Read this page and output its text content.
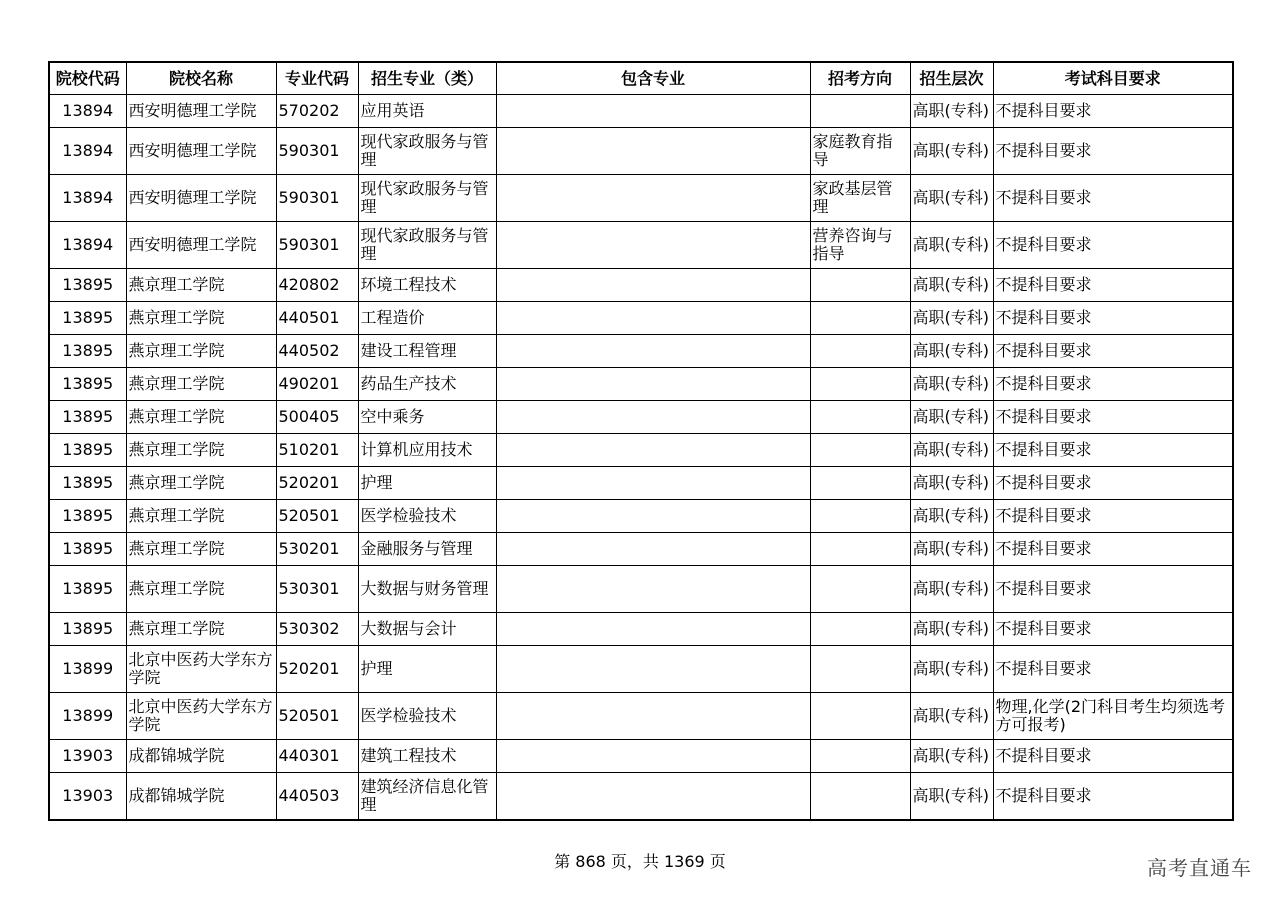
院校代码	院校名称	专业代码	招生专业（类）	包含专业	招考方向	招生层次	考试科目要求
13894	西安明德理工学院	570202	应用英语			高职(专科)	不提科目要求
13894	西安明德理工学院	590301	现代家政服务与管理		家庭教育指导	高职(专科)	不提科目要求
13894	西安明德理工学院	590301	现代家政服务与管理		家政基层管理	高职(专科)	不提科目要求
13894	西安明德理工学院	590301	现代家政服务与管理		营养咨询与指导	高职(专科)	不提科目要求
13895	燕京理工学院	420802	环境工程技术			高职(专科)	不提科目要求
13895	燕京理工学院	440501	工程造价			高职(专科)	不提科目要求
13895	燕京理工学院	440502	建设工程管理			高职(专科)	不提科目要求
13895	燕京理工学院	490201	药品生产技术			高职(专科)	不提科目要求
13895	燕京理工学院	500405	空中乘务			高职(专科)	不提科目要求
13895	燕京理工学院	510201	计算机应用技术			高职(专科)	不提科目要求
13895	燕京理工学院	520201	护理			高职(专科)	不提科目要求
13895	燕京理工学院	520501	医学检验技术			高职(专科)	不提科目要求
13895	燕京理工学院	530201	金融服务与管理			高职(专科)	不提科目要求
13895	燕京理工学院	530301	大数据与财务管理			高职(专科)	不提科目要求
13895	燕京理工学院	530302	大数据与会计			高职(专科)	不提科目要求
13899	北京中医药大学东方学院	520201	护理			高职(专科)	不提科目要求
13899	北京中医药大学东方学院	520501	医学检验技术			高职(专科)	物理,化学(2门科目考生均须选考方可报考)
13903	成都锦城学院	440301	建筑工程技术			高职(专科)	不提科目要求
13903	成都锦城学院	440503	建筑经济信息化管理			高职(专科)	不提科目要求
第 868 页，共 1369 页	高考直通车
